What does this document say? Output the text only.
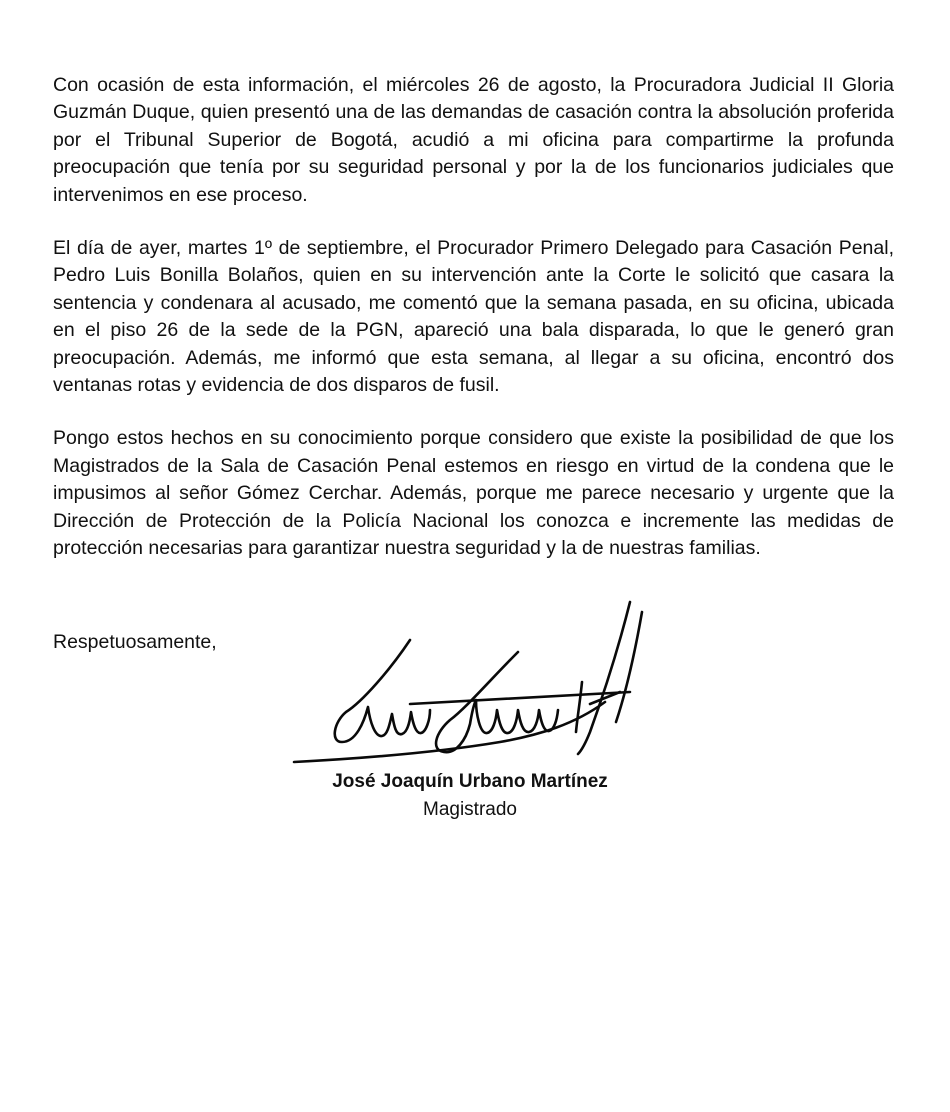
Con ocasión de esta información, el miércoles 26 de agosto, la Procuradora Judicial II Gloria Guzmán Duque, quien presentó una de las demandas de casación contra la absolución proferida por el Tribunal Superior de Bogotá, acudió a mi oficina para compartirme la profunda preocupación que tenía por su seguridad personal y por la de los funcionarios judiciales que intervenimos en ese proceso.

El día de ayer, martes 1º de septiembre, el Procurador Primero Delegado para Casación Penal, Pedro Luis Bonilla Bolaños, quien en su intervención ante la Corte le solicitó que casara la sentencia y condenara al acusado, me comentó que la semana pasada, en su oficina, ubicada en el piso 26 de la sede de la PGN, apareció una bala disparada, lo que le generó gran preocupación. Además, me informó que esta semana, al llegar a su oficina, encontró dos ventanas rotas y evidencia de dos disparos de fusil.

Pongo estos hechos en su conocimiento porque considero que existe la posibilidad de que los Magistrados de la Sala de Casación Penal estemos en riesgo en virtud de la condena que le impusimos al señor Gómez Cerchar. Además, porque me parece necesario y urgente que la Dirección de Protección de la Policía Nacional los conozca e incremente las medidas de protección necesarias para garantizar nuestra seguridad y la de nuestras familias.

Respetuosamente,

José Joaquín Urbano Martínez

Magistrado
